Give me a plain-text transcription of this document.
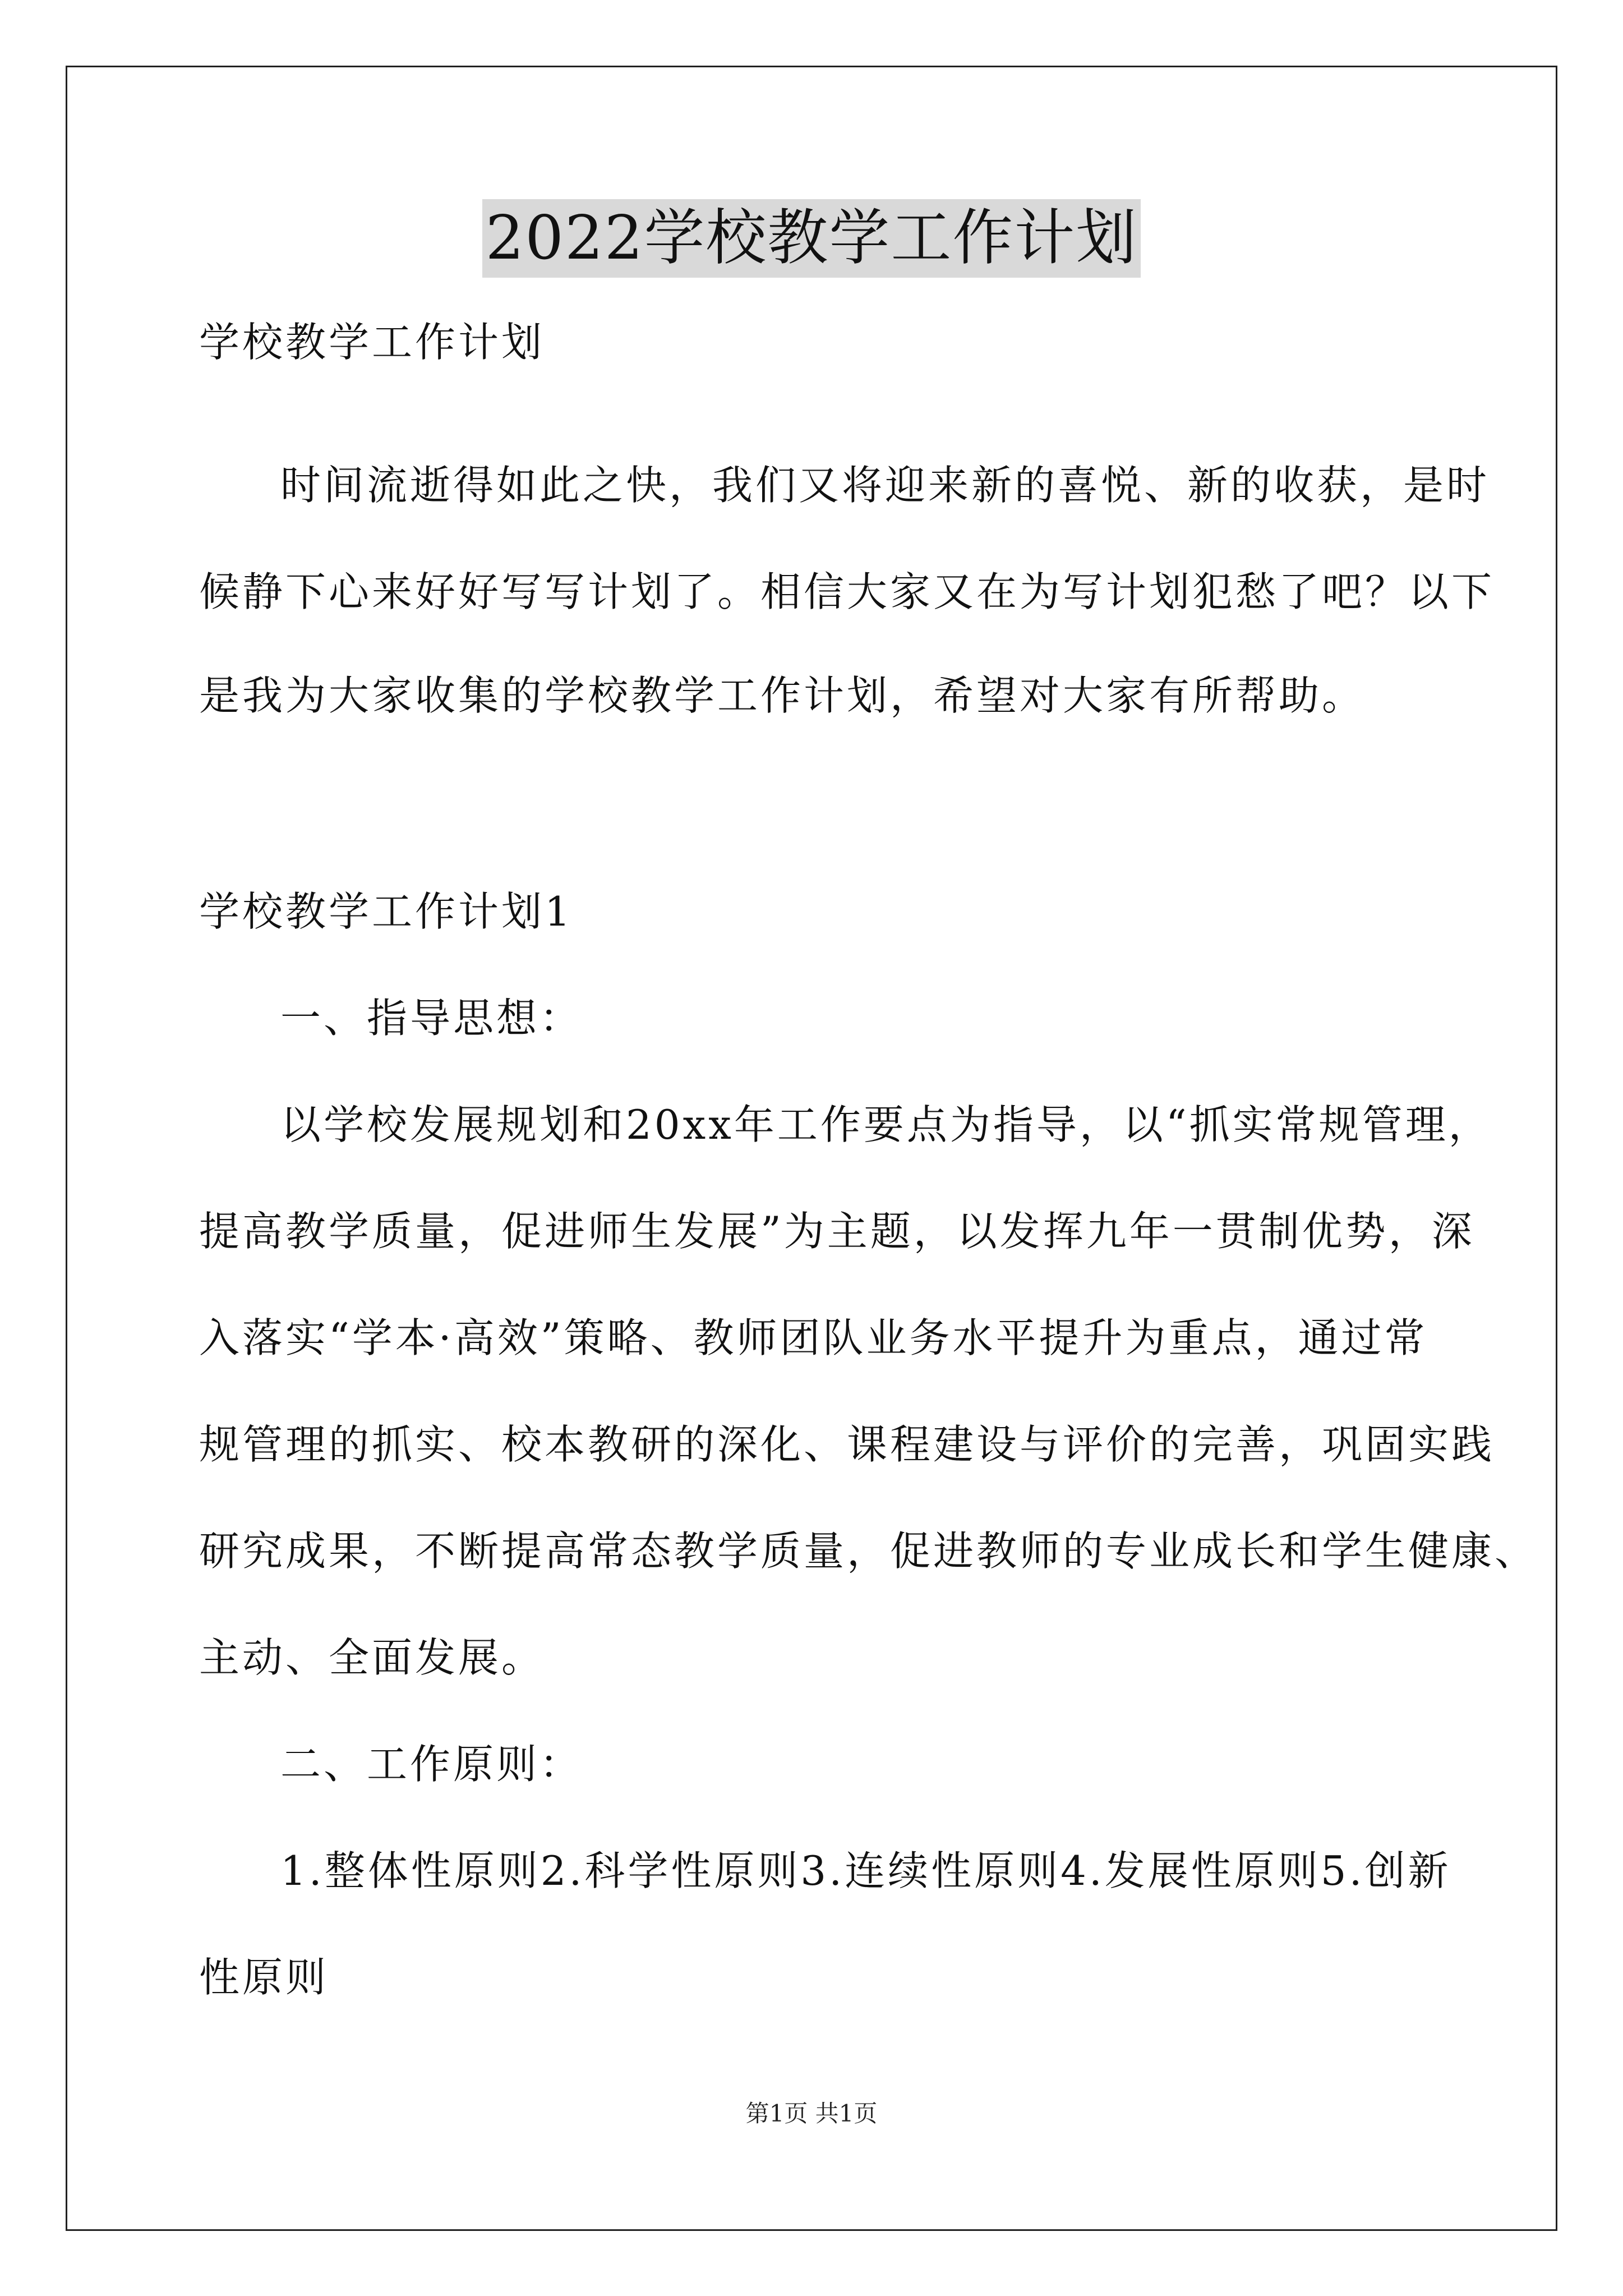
2022学校教学工作计划
学校教学工作计划
时间流逝得如此之快，我们又将迎来新的喜悦、新的收获，是时
候静下心来好好写写计划了。相信大家又在为写计划犯愁了吧？以下
是我为大家收集的学校教学工作计划，希望对大家有所帮助。
学校教学工作计划1
一、指导思想：
以学校发展规划和20xx年工作要点为指导，以“抓实常规管理，
提高教学质量，促进师生发展”为主题，以发挥九年一贯制优势，深
入落实“学本·高效”策略、教师团队业务水平提升为重点，通过常
规管理的抓实、校本教研的深化、课程建设与评价的完善，巩固实践
研究成果，不断提高常态教学质量，促进教师的专业成长和学生健康、
主动、全面发展。
二、工作原则：
1.整体性原则2.科学性原则3.连续性原则4.发展性原则5.创新
性原则
第1页 共1页
